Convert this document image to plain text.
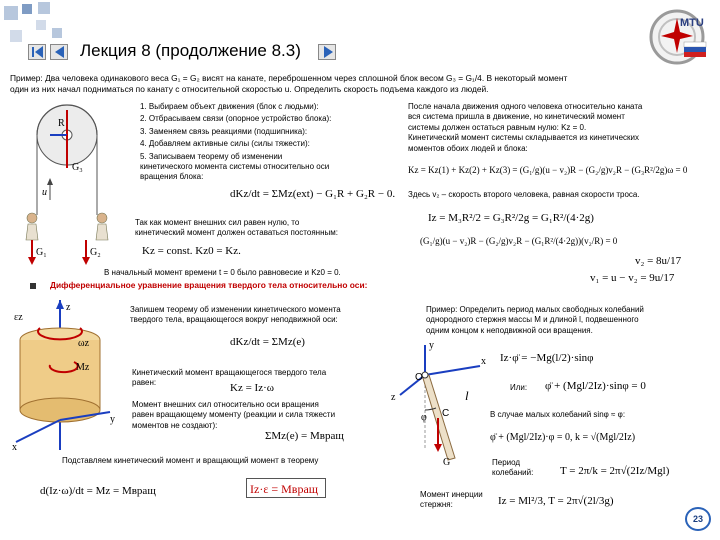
Лекция 8 (продолжение 8.3)
MTU
Пример: Два человека одинакового веса G₁ = G₂ висят на канате, переброшенном через сплошной блок весом G₃ = G₁/4. В некоторый момент
один из них начал подниматься по канату с относительной скоростью u. Определить скорость подъема каждого из людей.
R
G₃
u
G₁	G₂
1. Выбираем объект движения (блок с людьми):
2. Отбрасываем связи (опорное устройство блока):
3. Заменяем связь реакциями (подшипника):
4. Добавляем активные силы (силы тяжести):
5. Записываем теорему об изменении
кинетического момента системы относительно оси
вращения блока:
dKz/dt = ΣMz(ext) − G₁R + G₂R − 0.
После начала движения одного человека относительно каната
вся система пришла в движение, но кинетический момент
системы должен остаться равным нулю: Kz = 0.
Кинетический момент системы складывается из кинетических
моментов обоих людей и блока:
Kz = Kz(1) + Kz(2) + Kz(3) = (G₁/g)(u − v₂)R − (G₂/g)v₂R − (G₃R²/2g)ω = 0
Здесь v₂ – скорость второго человека, равная скорости троса.
Iz = M₃R²/2 = G₃R²/2g = G₁R²/(4·2g)
(G₁/g)(u − v₂)R − (G₂/g)v₂R − (G₁R²/(4·2g))(v₂/R) = 0
v₂ = 8u/17
v₁ = u − v₂ = 9u/17
Так как момент внешних сил равен нулю, то
кинетический момент должен оставаться постоянным:
Kz = const. Kz0 = Kz.
В начальный момент времени t = 0 было равновесие и Kz0 = 0.
Дифференциальное уравнение вращения твердого тела относительно оси:
εz
ωz
Mz
z
x
y
Запишем теорему об изменении кинетического момента
твердого тела, вращающегося вокруг неподвижной оси:
dKz/dt = ΣMz(e)
Кинетический момент вращающегося твердого тела
равен:	Kz = Iz·ω
Момент внешних сил относительно оси вращения
равен вращающему моменту (реакции и сила тяжести
моментов не создают):
ΣMz(e) = Mвращ
Подставляем кинетический момент и вращающий момент в теорему
d(Iz·ω)/dt = Mz = Mвращ	Iz·ε = Mвращ
Пример: Определить период малых свободных колебаний
однородного стержня массы M и длиной l, подвешенного
одним концом к неподвижной оси вращения.
O
C
G
l
φ
z
x
y
Iz·φ̈ = −Mg(l/2)·sinφ
Или: φ̈ + (Mgl/2Iz)·sinφ = 0
В случае малых колебаний sinφ ≈ φ:
φ̈ + (Mgl/2Iz)·φ = 0, k = √(Mgl/2Iz)
Период
колебаний: T = 2π/k = 2π√(2Iz/Mgl)
Момент инерции
стержня:	Iz = Ml²/3, T = 2π√(2l/3g)
23
